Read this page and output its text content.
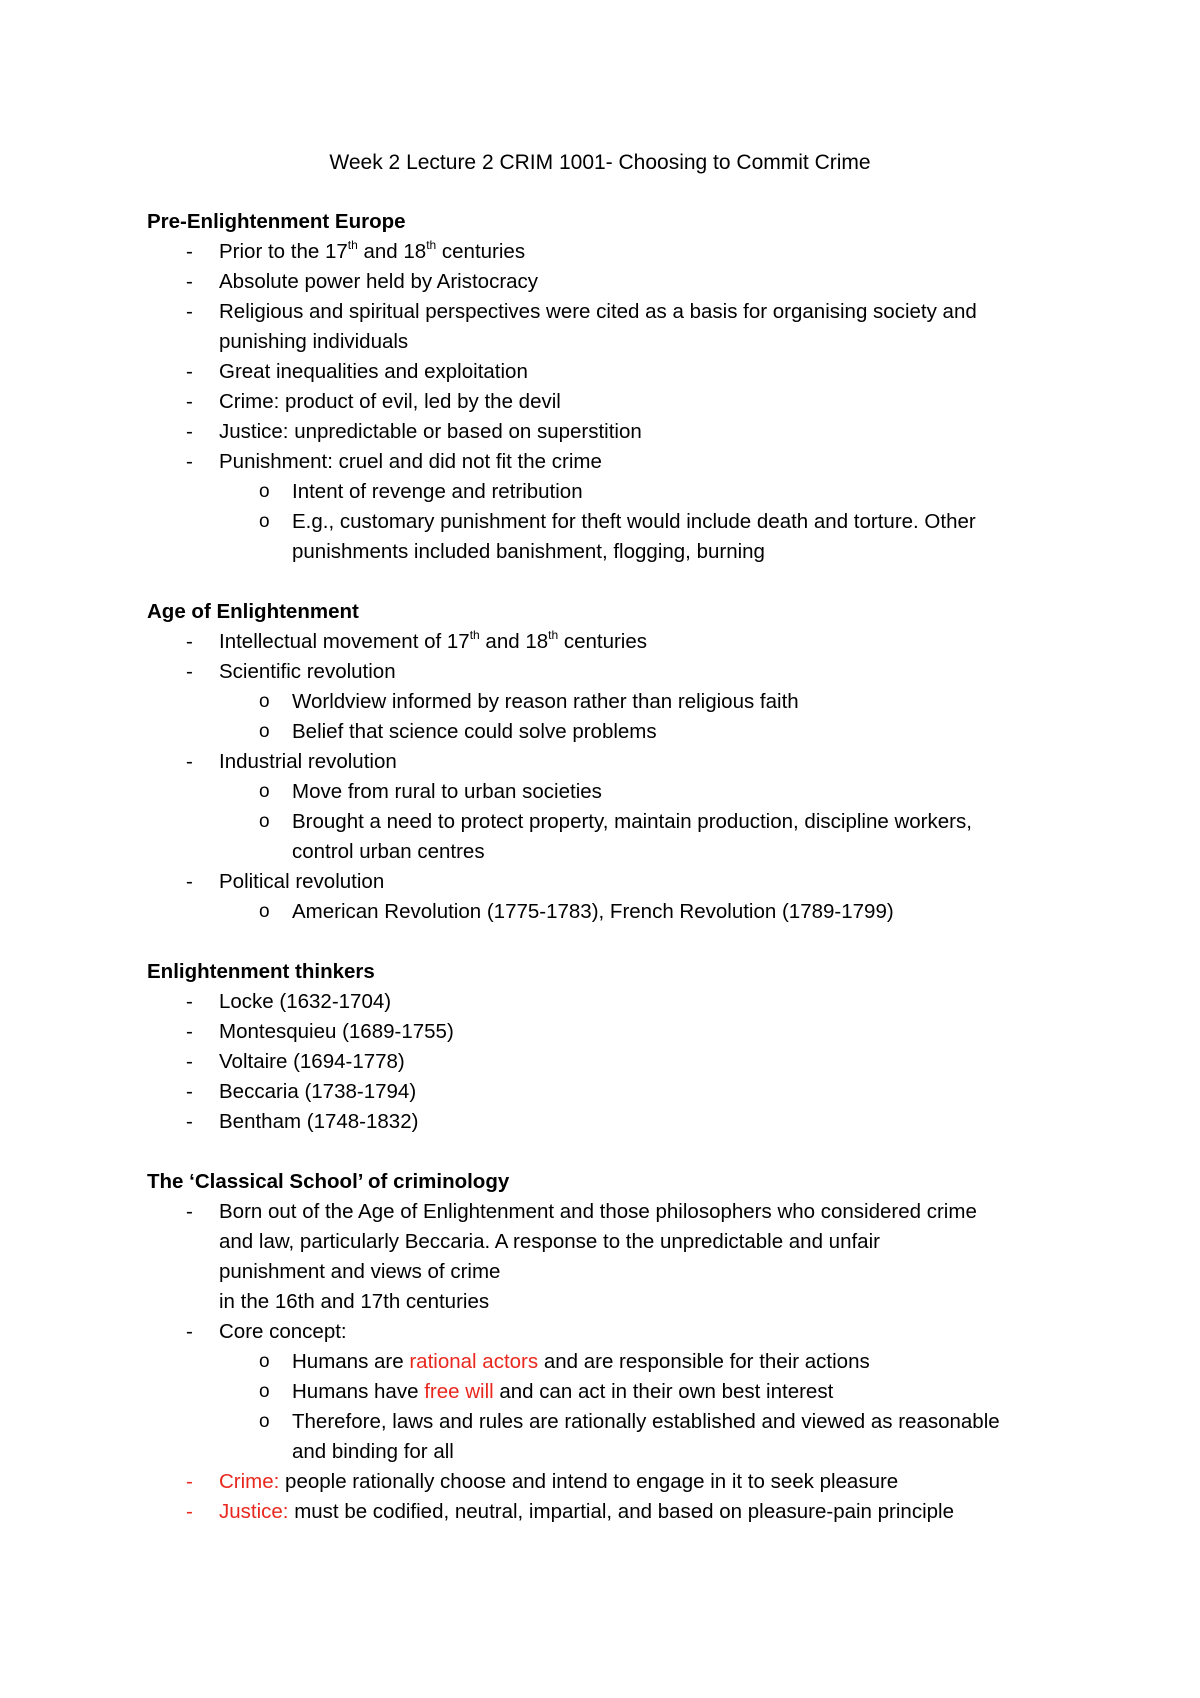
Week 2 Lecture 2 CRIM 1001- Choosing to Commit Crime
Pre-Enlightenment Europe
- Prior to the 17th and 18th centuries
- Absolute power held by Aristocracy
- Religious and spiritual perspectives were cited as a basis for organising society and
punishing individuals
- Great inequalities and exploitation
- Crime: product of evil, led by the devil
- Justice: unpredictable or based on superstition
- Punishment: cruel and did not fit the crime
o Intent of revenge and retribution
o E.g., customary punishment for theft would include death and torture. Other
punishments included banishment, flogging, burning
Age of Enlightenment
- Intellectual movement of 17th and 18th centuries
- Scientific revolution
o Worldview informed by reason rather than religious faith
o Belief that science could solve problems
- Industrial revolution
o Move from rural to urban societies
o Brought a need to protect property, maintain production, discipline workers,
control urban centres
- Political revolution
o American Revolution (1775-1783), French Revolution (1789-1799)
Enlightenment thinkers
- Locke (1632-1704)
- Montesquieu (1689-1755)
- Voltaire (1694-1778)
- Beccaria (1738-1794)
- Bentham (1748-1832)
The ‘Classical School’ of criminology
- Born out of the Age of Enlightenment and those philosophers who considered crime
and law, particularly Beccaria. A response to the unpredictable and unfair
punishment and views of crime
in the 16th and 17th centuries
- Core concept:
o Humans are rational actors and are responsible for their actions
o Humans have free will and can act in their own best interest
o Therefore, laws and rules are rationally established and viewed as reasonable
and binding for all
- Crime: people rationally choose and intend to engage in it to seek pleasure
- Justice: must be codified, neutral, impartial, and based on pleasure-pain principle
